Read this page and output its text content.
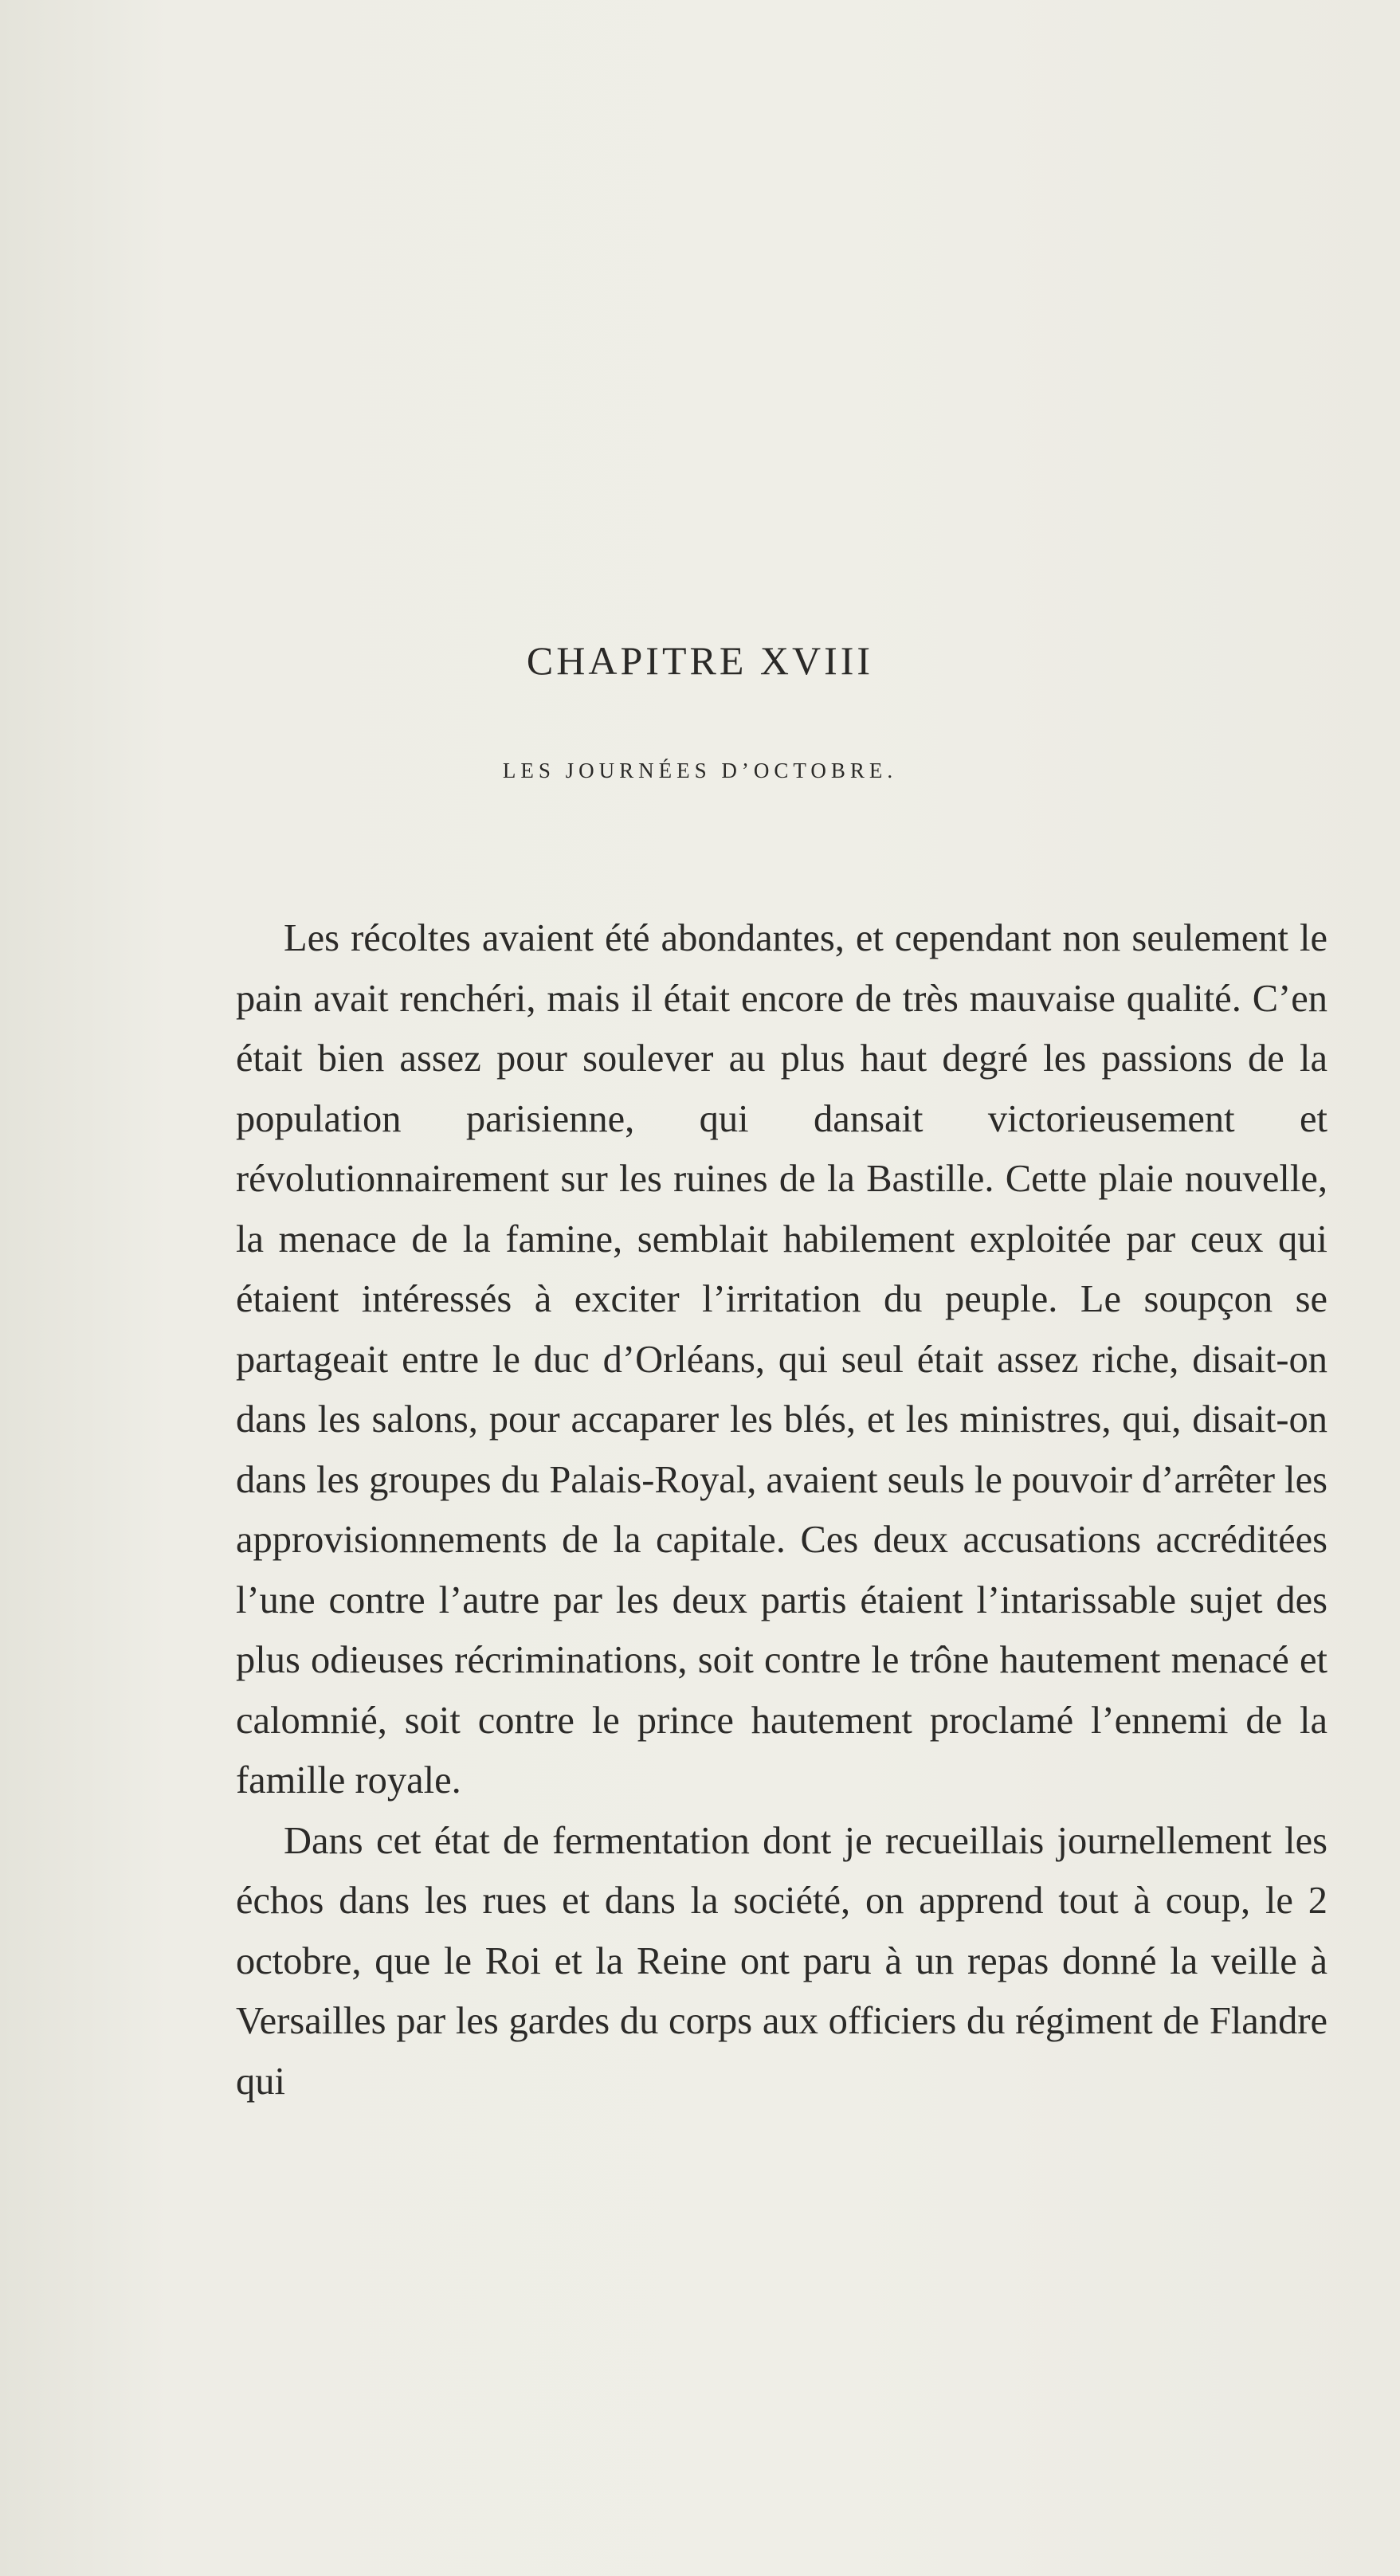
CHAPITRE XVIII
LES JOURNÉES D’OCTOBRE.

Les récoltes avaient été abondantes, et cependant non seulement le pain avait renchéri, mais il était encore de très mauvaise qualité. C’en était bien assez pour soulever au plus haut degré les passions de la population parisienne, qui dansait victorieusement et révolutionnairement sur les ruines de la Bastille. Cette plaie nouvelle, la menace de la famine, semblait habilement exploitée par ceux qui étaient intéressés à exciter l’irritation du peuple. Le soupçon se partageait entre le duc d’Orléans, qui seul était assez riche, disait-on dans les salons, pour accaparer les blés, et les ministres, qui, disait-on dans les groupes du Palais-Royal, avaient seuls le pouvoir d’arrêter les approvisionnements de la capitale. Ces deux accusations accréditées l’une contre l’autre par les deux partis étaient l’intarissable sujet des plus odieuses récriminations, soit contre le trône hautement menacé et calomnié, soit contre le prince hautement proclamé l’ennemi de la famille royale.

Dans cet état de fermentation dont je recueillais journellement les échos dans les rues et dans la société, on apprend tout à coup, le 2 octobre, que le Roi et la Reine ont paru à un repas donné la veille à Versailles par les gardes du corps aux officiers du régiment de Flandre qui
